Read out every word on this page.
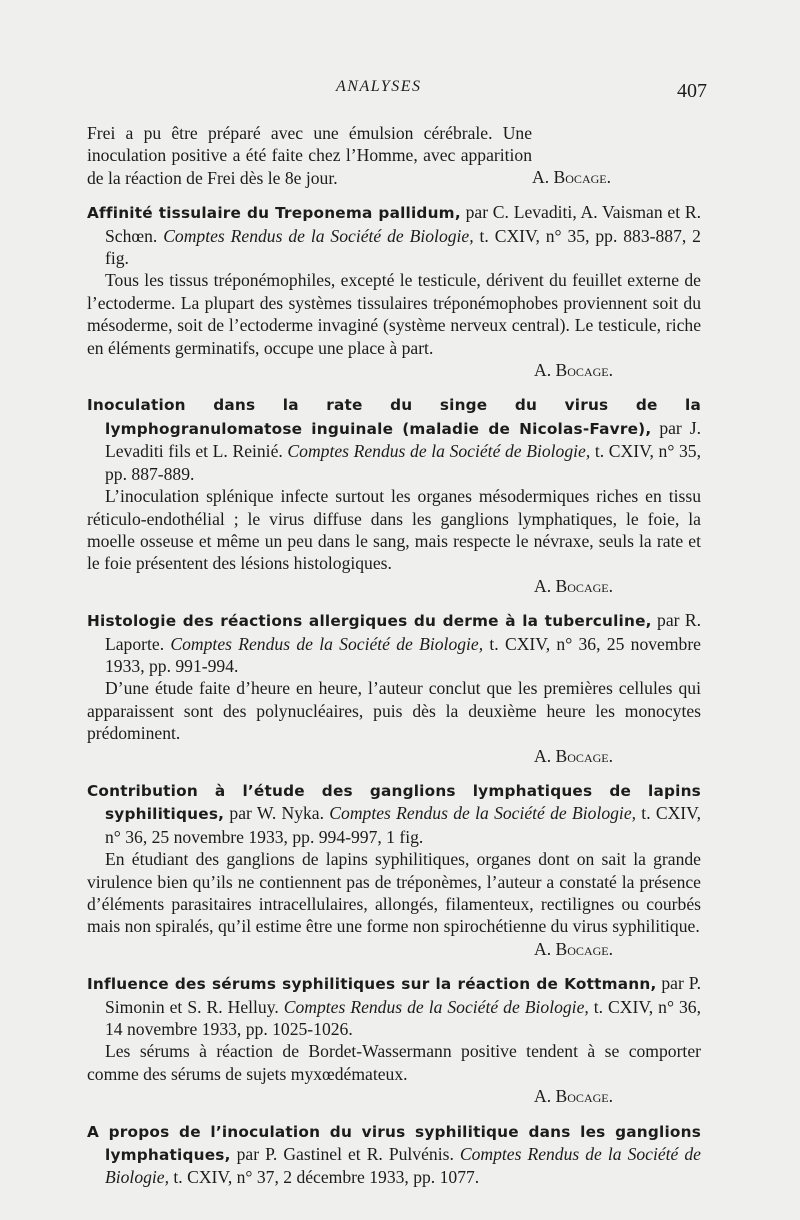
ANALYSES	407

A. Bocage.
Frei a pu être préparé avec une émulsion cérébrale. Une inoculation positive a été faite chez l’Homme, avec apparition de la réaction de Frei dès le 8e jour.

Affinité tissulaire du Treponema pallidum, par C. Levaditi, A. Vaisman et R. Schœn. Comptes Rendus de la Société de Biologie, t. CXIV, n° 35, pp. 883-887, 2 fig.

Tous les tissus tréponémophiles, excepté le testicule, dérivent du feuillet externe de l’ectoderme. La plupart des systèmes tissulaires tréponémophobes proviennent soit du mésoderme, soit de l’ectoderme invaginé (système nerveux central). Le testicule, riche en éléments germinatifs, occupe une place à part.

A. Bocage.

Inoculation dans la rate du singe du virus de la lymphogranulomatose inguinale (maladie de Nicolas-Favre), par J. Levaditi fils et L. Reinié. Comptes Rendus de la Société de Biologie, t. CXIV, n° 35, pp. 887-889.

L’inoculation splénique infecte surtout les organes mésodermiques riches en tissu réticulo-endothélial ; le virus diffuse dans les ganglions lymphatiques, le foie, la moelle osseuse et même un peu dans le sang, mais respecte le névraxe, seuls la rate et le foie présentent des lésions histologiques.

A. Bocage.

Histologie des réactions allergiques du derme à la tuberculine, par R. Laporte. Comptes Rendus de la Société de Biologie, t. CXIV, n° 36, 25 novembre 1933, pp. 991-994.

D’une étude faite d’heure en heure, l’auteur conclut que les premières cellules qui apparaissent sont des polynucléaires, puis dès la deuxième heure les monocytes prédominent.

A. Bocage.

Contribution à l’étude des ganglions lymphatiques de lapins syphilitiques, par W. Nyka. Comptes Rendus de la Société de Biologie, t. CXIV, n° 36, 25 novembre 1933, pp. 994-997, 1 fig.

En étudiant des ganglions de lapins syphilitiques, organes dont on sait la grande virulence bien qu’ils ne contiennent pas de tréponèmes, l’auteur a constaté la présence d’éléments parasitaires intracellulaires, allongés, filamenteux, rectilignes ou courbés mais non spiralés, qu’il estime être une forme non spirochétienne du virus syphilitique.

A. Bocage.

Influence des sérums syphilitiques sur la réaction de Kottmann, par P. Simonin et S. R. Helluy. Comptes Rendus de la Société de Biologie, t. CXIV, n° 36, 14 novembre 1933, pp. 1025-1026.

Les sérums à réaction de Bordet-Wassermann positive tendent à se comporter comme des sérums de sujets myxœdémateux.

A. Bocage.

A propos de l’inoculation du virus syphilitique dans les ganglions lymphatiques, par P. Gastinel et R. Pulvénis. Comptes Rendus de la Société de Biologie, t. CXIV, n° 37, 2 décembre 1933, pp. 1077.
